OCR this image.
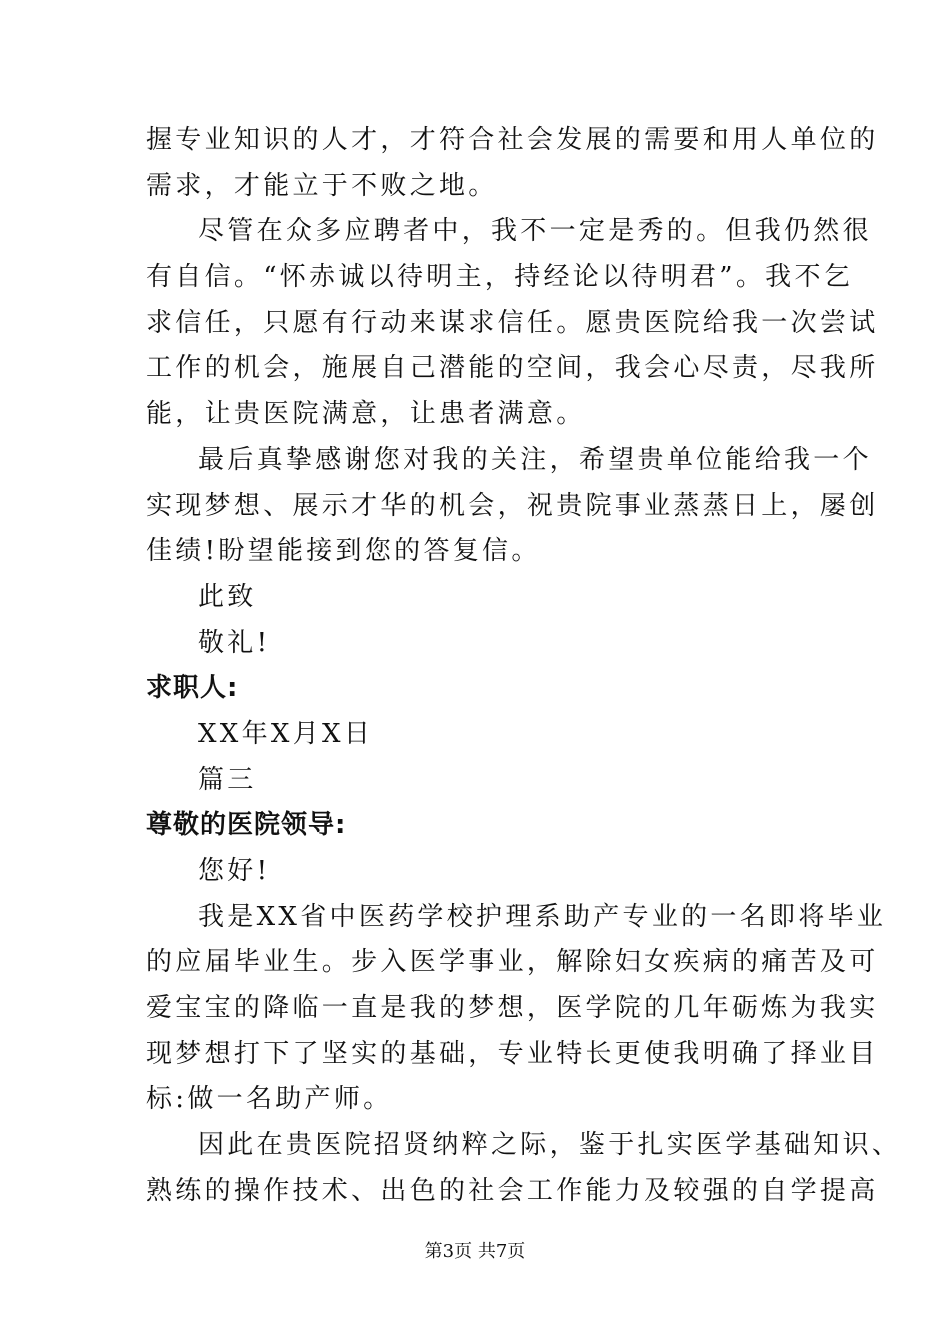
握专业知识的人才，才符合社会发展的需要和用人单位的
需求，才能立于不败之地。
尽管在众多应聘者中，我不一定是秀的。但我仍然很
有自信。“怀赤诚以待明主，持经论以待明君”。我不乞
求信任，只愿有行动来谋求信任。愿贵医院给我一次尝试
工作的机会，施展自己潜能的空间，我会心尽责，尽我所
能，让贵医院满意，让患者满意。
最后真挚感谢您对我的关注，希望贵单位能给我一个
实现梦想、展示才华的机会，祝贵院事业蒸蒸日上，屡创
佳绩!盼望能接到您的答复信。
此致
敬礼!
求职人:
XX年X月X日
篇三
尊敬的医院领导:
您好!
我是XX省中医药学校护理系助产专业的一名即将毕业
的应届毕业生。步入医学事业，解除妇女疾病的痛苦及可
爱宝宝的降临一直是我的梦想，医学院的几年砺炼为我实
现梦想打下了坚实的基础，专业特长更使我明确了择业目
标:做一名助产师。
因此在贵医院招贤纳粹之际，鉴于扎实医学基础知识、
熟练的操作技术、出色的社会工作能力及较强的自学提高
第3页 共7页
